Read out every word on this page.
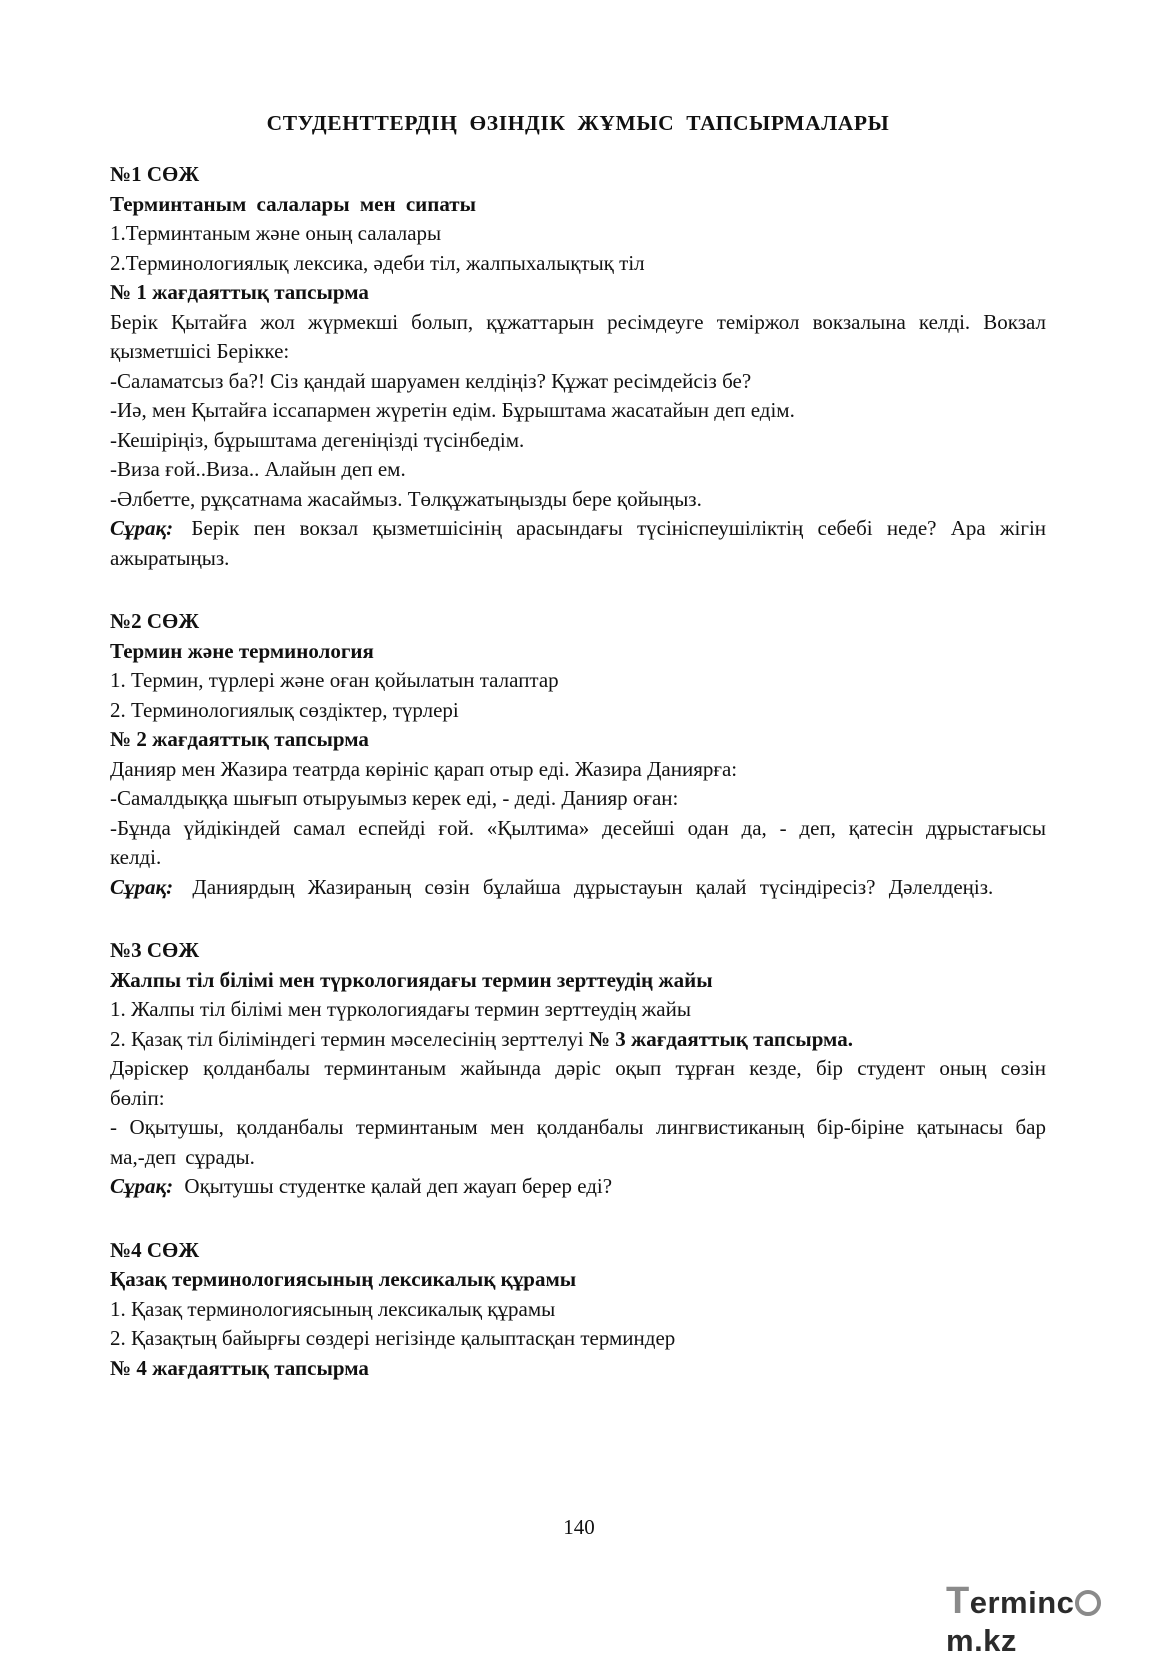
СТУДЕНТТЕРДІҢ ӨЗІНДІК ЖҰМЫС ТАПСЫРМАЛАРЫ

№1 СӨЖ

Терминтаным салалары мен сипаты

1.Терминтаным және оның салалары

2.Терминологиялық лексика, әдеби тіл, жалпыхалықтық тіл

№ 1 жағдаяттық тапсырма

Берік Қытайға жол жүрмекші болып, құжаттарын ресімдеуге теміржол вокзалына келді. Вокзал қызметшісі Берікке:

-Саламатсыз ба?! Сіз қандай шаруамен келдіңіз? Құжат ресімдейсіз бе?

-Иә, мен Қытайға іссапармен жүретін едім. Бұрыштама жасатайын деп едім.

-Кешіріңіз, бұрыштама дегеніңізді түсінбедім.

-Виза ғой..Виза.. Алайын деп ем.

-Әлбетте, рұқсатнама жасаймыз. Төлқұжатыңызды бере қойыңыз.

Сұрақ: Берік пен вокзал қызметшісінің арасындағы түсініспеушіліктің себебі неде? Ара жігін ажыратыңыз.

№2 СӨЖ

Термин және терминология

1. Термин, түрлері және оған қойылатын талаптар

2. Терминологиялық сөздіктер, түрлері

№ 2 жағдаяттық тапсырма

Данияр мен Жазира театрда көрініс қарап отыр еді. Жазира Даниярға:

-Самалдыққа шығып отыруымыз керек еді, - деді. Данияр оған:

-Бұнда үйдікіндей самал еспейді ғой. «Қылтима» десейші одан да, - деп, қатесін дұрыстағысы келді.

Сұрақ: Даниярдың Жазираның сөзін бұлайша дұрыстауын қалай түсіндіресіз? Дәлелдеңіз.

№3 СӨЖ

Жалпы тіл білімі мен түркологиядағы термин зерттеудің жайы

1. Жалпы тіл білімі мен түркологиядағы термин зерттеудің жайы

2. Қазақ тіл біліміндегі термин мәселесінің зерттелуі № 3 жағдаяттық тапсырма.

Дәріскер қолданбалы терминтаным жайында дәріс оқып тұрған кезде, бір студент оның сөзін бөліп:

- Оқытушы, қолданбалы терминтаным мен қолданбалы лингвистиканың бір-біріне қатынасы бар ма,-деп сұрады.

Сұрақ: Оқытушы студентке қалай деп жауап берер еді?

№4 СӨЖ

Қазақ терминологиясының лексикалық құрамы

1. Қазақ терминологиясының лексикалық құрамы

2. Қазақтың байырғы сөздері негізінде қалыптасқан терминдер

№ 4 жағдаяттық тапсырма

140
Termincm.kz
